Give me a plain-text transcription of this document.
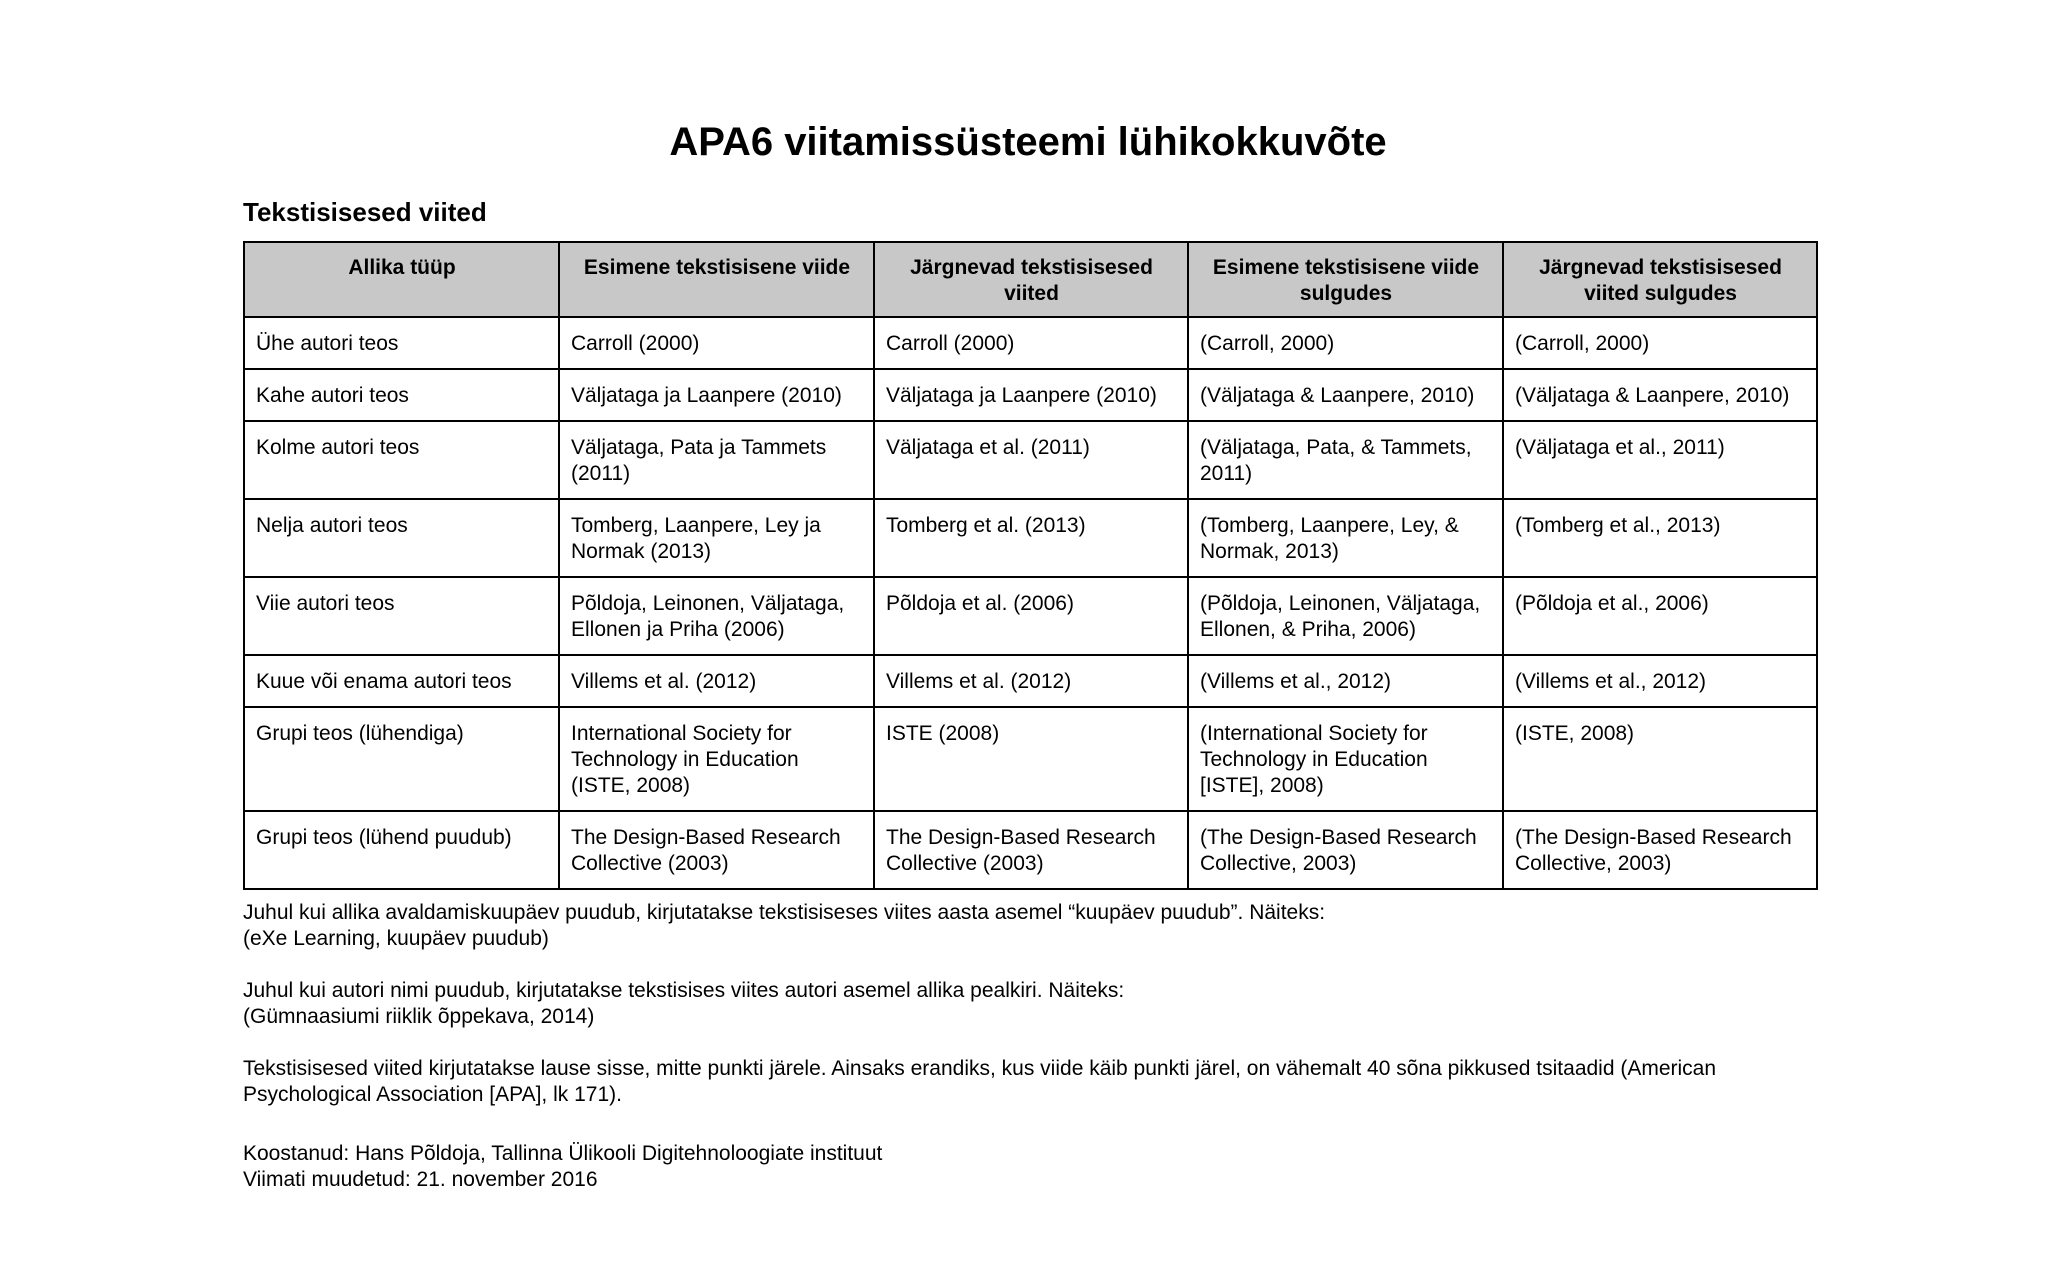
APA6 viitamissüsteemi lühikokkuvõte
Tekstisisesed viited
Allika tüüp	Esimene tekstisisene viide	Järgnevad tekstisisesed viited	Esimene tekstisisene viide sulgudes	Järgnevad tekstisisesed viited sulgudes
Ühe autori teos	Carroll (2000)	Carroll (2000)	(Carroll, 2000)	(Carroll, 2000)
Kahe autori teos	Väljataga ja Laanpere (2010)	Väljataga ja Laanpere (2010)	(Väljataga & Laanpere, 2010)	(Väljataga & Laanpere, 2010)
Kolme autori teos	Väljataga, Pata ja Tammets (2011)	Väljataga et al. (2011)	(Väljataga, Pata, & Tammets, 2011)	(Väljataga et al., 2011)
Nelja autori teos	Tomberg, Laanpere, Ley ja Normak (2013)	Tomberg et al. (2013)	(Tomberg, Laanpere, Ley, & Normak, 2013)	(Tomberg et al., 2013)
Viie autori teos	Põldoja, Leinonen, Väljataga, Ellonen ja Priha (2006)	Põldoja et al. (2006)	(Põldoja, Leinonen, Väljataga, Ellonen, & Priha, 2006)	(Põldoja et al., 2006)
Kuue või enama autori teos	Villems et al. (2012)	Villems et al. (2012)	(Villems et al., 2012)	(Villems et al., 2012)
Grupi teos (lühendiga)	International Society for Technology in Education (ISTE, 2008)	ISTE (2008)	(International Society for Technology in Education [ISTE], 2008)	(ISTE, 2008)
Grupi teos (lühend puudub)	The Design-Based Research Collective (2003)	The Design-Based Research Collective (2003)	(The Design-Based Research Collective, 2003)	(The Design-Based Research Collective, 2003)

Juhul kui allika avaldamiskuupäev puudub, kirjutatakse tekstisiseses viites aasta asemel “kuupäev puudub”. Näiteks:

(eXe Learning, kuupäev puudub)

Juhul kui autori nimi puudub, kirjutatakse tekstisises viites autori asemel allika pealkiri. Näiteks:

(Gümnaasiumi riiklik õppekava, 2014)

Tekstisisesed viited kirjutatakse lause sisse, mitte punkti järele. Ainsaks erandiks, kus viide käib punkti järel, on vähemalt 40 sõna pikkused tsitaadid (American Psychological Association [APA], lk 171).

Koostanud: Hans Põldoja, Tallinna Ülikooli Digitehnoloogiate instituut

Viimati muudetud: 21. november 2016
